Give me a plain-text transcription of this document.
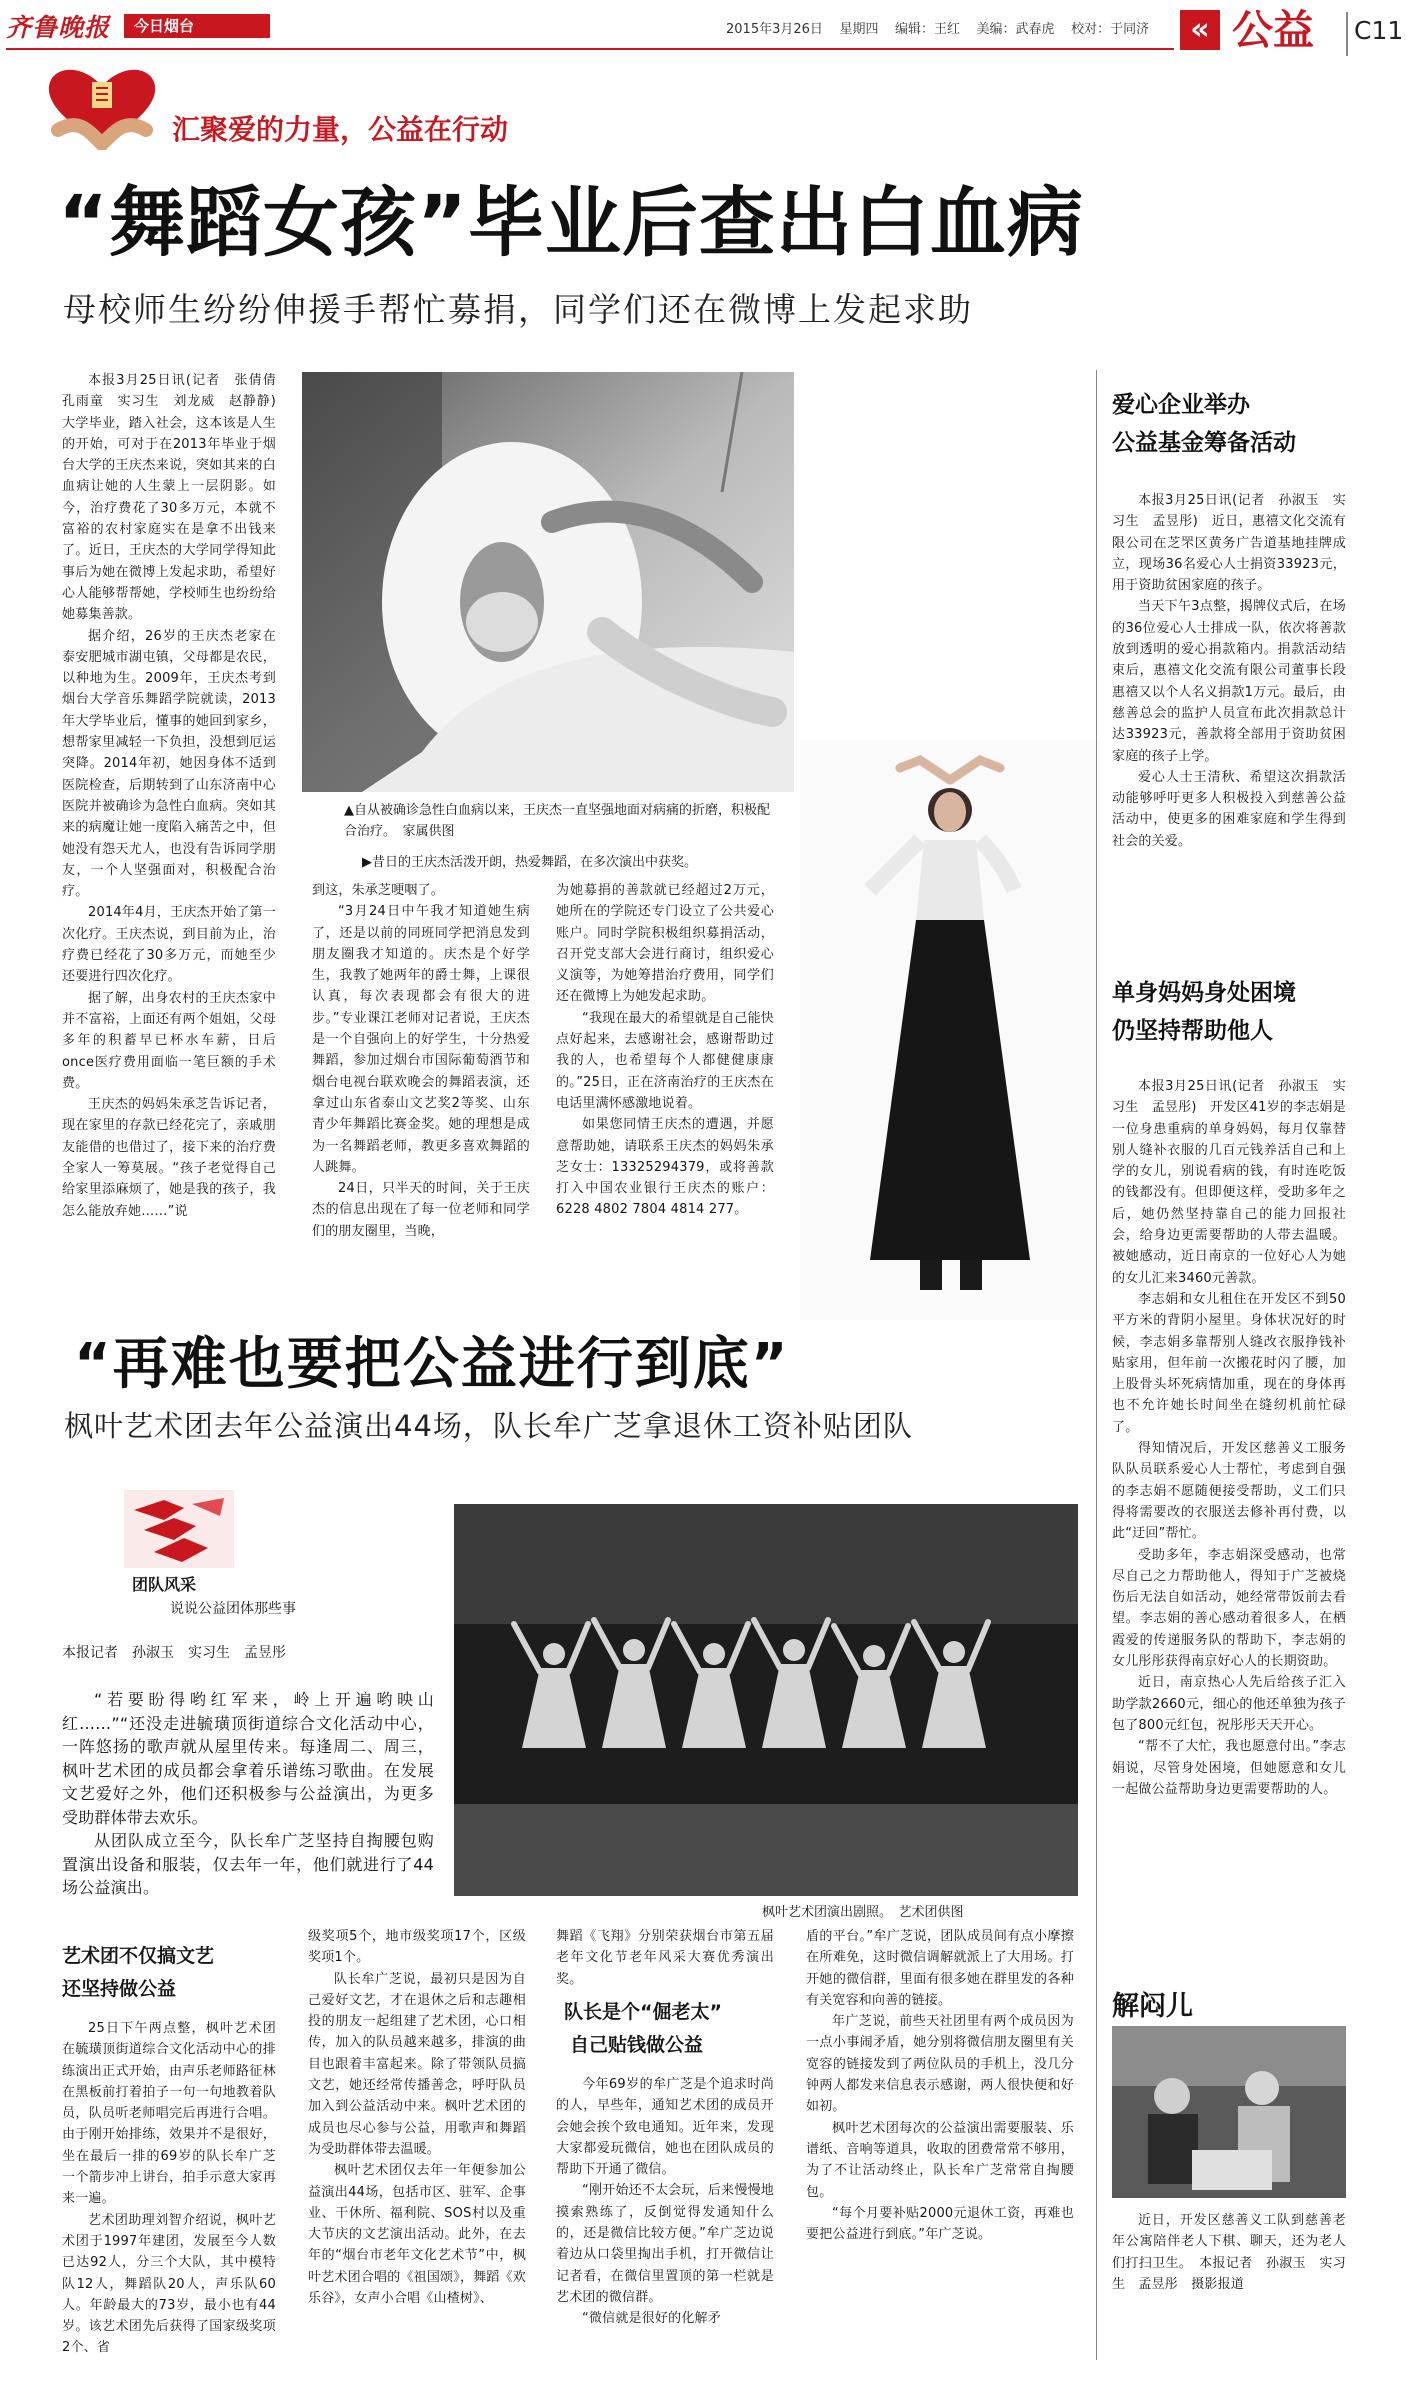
齐鲁晚报	今日烟台	2015年3月26日 星期四 编辑：王红 美编：武春虎 校对：于同济	« 公益 C11
汇聚爱的力量，公益在行动
“舞蹈女孩”毕业后查出白血病
母校师生纷纷伸援手帮忙募捐，同学们还在微博上发起求助

本报3月25日讯(记者　张倩倩　孔雨童　实习生　刘龙威　赵静静)　大学毕业，踏入社会，这本该是人生的开始，可对于在2013年毕业于烟台大学的王庆杰来说，突如其来的白血病让她的人生蒙上一层阴影。如今，治疗费花了30多万元，本就不富裕的农村家庭实在是拿不出钱来了。近日，王庆杰的大学同学得知此事后为她在微博上发起求助，希望好心人能够帮帮她，学校师生也纷纷给她募集善款。

据介绍，26岁的王庆杰老家在泰安肥城市湖屯镇，父母都是农民，以种地为生。2009年，王庆杰考到烟台大学音乐舞蹈学院就读，2013年大学毕业后，懂事的她回到家乡，想帮家里减轻一下负担，没想到厄运突降。2014年初，她因身体不适到医院检查，后期转到了山东济南中心医院并被确诊为急性白血病。突如其来的病魔让她一度陷入痛苦之中，但她没有怨天尤人，也没有告诉同学朋友，一个人坚强面对，积极配合治疗。

2014年4月，王庆杰开始了第一次化疗。王庆杰说，到目前为止，治疗费已经花了30多万元，而她至少还要进行四次化疗。

据了解，出身农村的王庆杰家中并不富裕，上面还有两个姐姐，父母多年的积蓄早已杯水车薪，日后once医疗费用面临一笔巨额的手术费。

王庆杰的妈妈朱承芝告诉记者，现在家里的存款已经花完了，亲戚朋友能借的也借过了，接下来的治疗费全家人一筹莫展。“孩子老觉得自己给家里添麻烦了，她是我的孩子，我怎么能放弃她……”说

▲自从被确诊急性白血病以来，王庆杰一直坚强地面对病痛的折磨，积极配合治疗。　家属供图
▶昔日的王庆杰活泼开朗，热爱舞蹈，在多次演出中获奖。

到这，朱承芝哽咽了。

“3月24日中午我才知道她生病了，还是以前的同班同学把消息发到朋友圈我才知道的。庆杰是个好学生，我教了她两年的爵士舞，上课很认真，每次表现都会有很大的进步。”专业课江老师对记者说，王庆杰是一个自强向上的好学生，十分热爱舞蹈，参加过烟台市国际葡萄酒节和烟台电视台联欢晚会的舞蹈表演，还拿过山东省泰山文艺奖2等奖、山东青少年舞蹈比赛金奖。她的理想是成为一名舞蹈老师，教更多喜欢舞蹈的人跳舞。

24日，只半天的时间，关于王庆杰的信息出现在了每一位老师和同学们的朋友圈里，当晚，

为她募捐的善款就已经超过2万元，她所在的学院还专门设立了公共爱心账户。同时学院积极组织募捐活动，召开党支部大会进行商讨，组织爱心义演等，为她筹措治疗费用，同学们还在微博上为她发起求助。

“我现在最大的希望就是自己能快点好起来，去感谢社会，感谢帮助过我的人，也希望每个人都健健康康的。”25日，正在济南治疗的王庆杰在电话里满怀感激地说着。

如果您同情王庆杰的遭遇，并愿意帮助她，请联系王庆杰的妈妈朱承芝女士：13325294379，或将善款打入中国农业银行王庆杰的账户：6228 4802 7804 4814 277。

爱心企业举办
公益基金筹备活动

本报3月25日讯(记者　孙淑玉　实习生　孟昱彤)　近日，惠禧文化交流有限公司在芝罘区黄务广告道基地挂牌成立，现场36名爱心人士捐资33923元，用于资助贫困家庭的孩子。

当天下午3点整，揭牌仪式后，在场的36位爱心人士排成一队，依次将善款放到透明的爱心捐款箱内。捐款活动结束后，惠禧文化交流有限公司董事长段惠禧又以个人名义捐款1万元。最后，由慈善总会的监护人员宣布此次捐款总计达33923元，善款将全部用于资助贫困家庭的孩子上学。

爱心人士王清秋、希望这次捐款活动能够呼吁更多人积极投入到慈善公益活动中，使更多的困难家庭和学生得到社会的关爱。

单身妈妈身处困境
仍坚持帮助他人

本报3月25日讯(记者　孙淑玉　实习生　孟昱彤)　开发区41岁的李志娟是一位身患重病的单身妈妈，每月仅靠替别人缝补衣服的几百元钱养活自己和上学的女儿，别说看病的钱，有时连吃饭的钱都没有。但即便这样，受助多年之后，她仍然坚持靠自己的能力回报社会，给身边更需要帮助的人带去温暖。被她感动，近日南京的一位好心人为她的女儿汇来3460元善款。

李志娟和女儿租住在开发区不到50平方米的背阴小屋里。身体状况好的时候，李志娟多靠帮别人缝改衣服挣钱补贴家用，但年前一次搬花时闪了腰，加上股骨头坏死病情加重，现在的身体再也不允许她长时间坐在缝纫机前忙碌了。

得知情况后，开发区慈善义工服务队队员联系爱心人士帮忙，考虑到自强的李志娟不愿随便接受帮助，义工们只得将需要改的衣服送去修补再付费，以此“迂回”帮忙。

受助多年，李志娟深受感动，也常尽自己之力帮助他人，得知于广芝被烧伤后无法自如活动，她经常带饭前去看望。李志娟的善心感动着很多人，在栖霞爱的传递服务队的帮助下，李志娟的女儿彤彤获得南京好心人的长期资助。

近日，南京热心人先后给孩子汇入助学款2660元，细心的他还单独为孩子包了800元红包，祝彤彤天天开心。

“帮不了大忙，我也愿意付出。”李志娟说，尽管身处困境，但她愿意和女儿一起做公益帮助身边更需要帮助的人。

解闷儿

近日，开发区慈善义工队到慈善老年公寓陪伴老人下棋、聊天，还为老人们打扫卫生。　本报记者　孙淑玉　实习生　孟昱彤　摄影报道

“再难也要把公益进行到底”
枫叶艺术团去年公益演出44场，队长牟广芝拿退休工资补贴团队
团队风采
说说公益团体那些事
本报记者　孙淑玉　实习生　孟昱彤

“若要盼得哟红军来，岭上开遍哟映山红……”“还没走进毓璜顶街道综合文化活动中心，一阵悠扬的歌声就从屋里传来。每逢周二、周三，枫叶艺术团的成员都会拿着乐谱练习歌曲。在发展文艺爱好之外，他们还积极参与公益演出，为更多受助群体带去欢乐。

从团队成立至今，队长牟广芝坚持自掏腰包购置演出设备和服装，仅去年一年，他们就进行了44场公益演出。

枫叶艺术团演出剧照。　艺术团供图
艺术团不仅搞文艺
还坚持做公益

25日下午两点整，枫叶艺术团在毓璜顶街道综合文化活动中心的排练演出正式开始，由声乐老师路征林在黑板前打着拍子一句一句地教着队员，队员听老师唱完后再进行合唱。由于刚开始排练，效果并不是很好，坐在最后一排的69岁的队长牟广芝一个箭步冲上讲台，拍手示意大家再来一遍。

艺术团助理刘智介绍说，枫叶艺术团于1997年建团，发展至今人数已达92人，分三个大队，其中模特队12人，舞蹈队20人，声乐队60人。年龄最大的73岁，最小也有44岁。该艺术团先后获得了国家级奖项2个、省

级奖项5个，地市级奖项17个，区级奖项1个。

队长牟广芝说，最初只是因为自己爱好文艺，才在退休之后和志趣相投的朋友一起组建了艺术团，心口相传，加入的队员越来越多，排演的曲目也跟着丰富起来。除了带领队员搞文艺，她还经常传播善念，呼吁队员加入到公益活动中来。枫叶艺术团的成员也尽心参与公益，用歌声和舞蹈为受助群体带去温暖。

枫叶艺术团仅去年一年便参加公益演出44场，包括市区、驻军、企事业、干休所、福利院、SOS村以及重大节庆的文艺演出活动。此外，在去年的“烟台市老年文化艺术节”中，枫叶艺术团合唱的《祖国颂》，舞蹈《欢乐谷》，女声小合唱《山楂树》、

舞蹈《飞翔》分别荣获烟台市第五届老年文化节老年风采大赛优秀演出奖。

队长是个“倔老太”
自己贴钱做公益

今年69岁的牟广芝是个追求时尚的人，早些年，通知艺术团的成员开会她会挨个致电通知。近年来，发现大家都爱玩微信，她也在团队成员的帮助下开通了微信。

“刚开始还不太会玩，后来慢慢地摸索熟练了，反倒觉得发通知什么的，还是微信比较方便。”牟广芝边说着边从口袋里掏出手机，打开微信让记者看，在微信里置顶的第一栏就是艺术团的微信群。

“微信就是很好的化解矛

盾的平台。”牟广芝说，团队成员间有点小摩擦在所难免，这时微信调解就派上了大用场。打开她的微信群，里面有很多她在群里发的各种有关宽容和向善的链接。

年广芝说，前些天社团里有两个成员因为一点小事闹矛盾，她分别将微信朋友圈里有关宽容的链接发到了两位队员的手机上，没几分钟两人都发来信息表示感谢，两人很快便和好如初。

枫叶艺术团每次的公益演出需要服装、乐谱纸、音响等道具，收取的团费常常不够用，为了不让活动终止，队长牟广芝常常自掏腰包。

“每个月要补贴2000元退休工资，再难也要把公益进行到底。”年广芝说。
